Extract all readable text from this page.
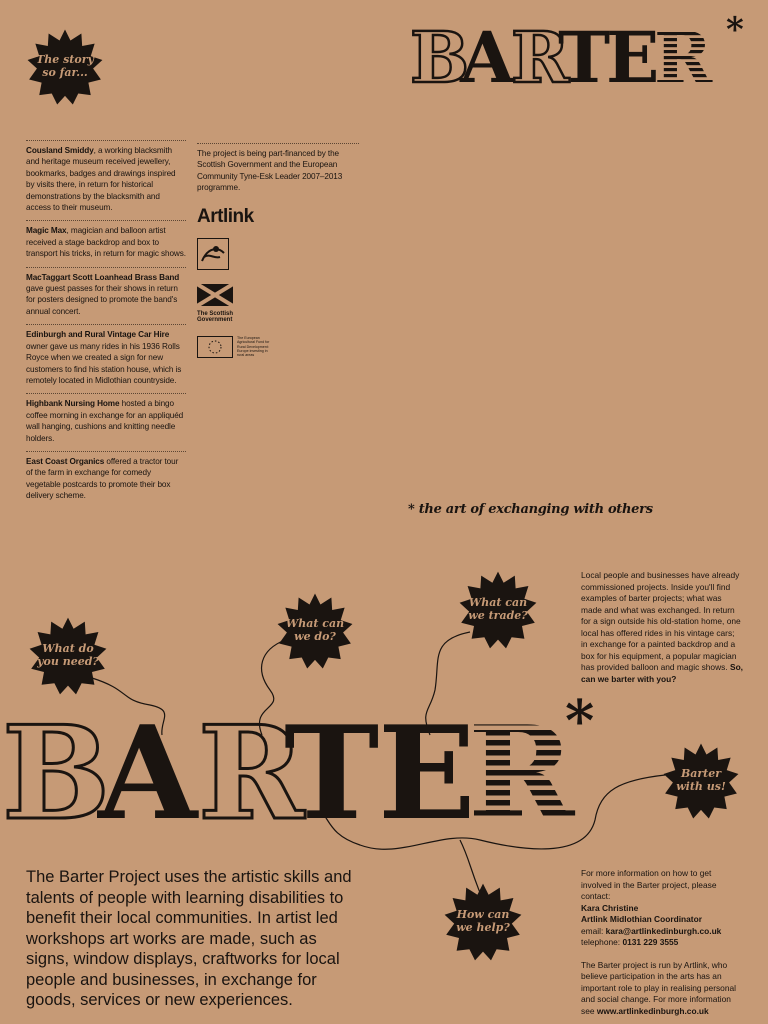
The story
so far...	B
A
R
T
E
R *
Cousland Smiddy, a working blacksmith and heritage museum received jewellery, bookmarks, badges and drawings inspired by visits there, in return for historical demonstrations by the blacksmith and access to their museum.
Magic Max, magician and balloon artist received a stage backdrop and box to transport his tricks, in return for magic shows.
MacTaggart Scott Loanhead Brass Band gave guest passes for their shows in return for posters designed to promote the band's annual concert.
Edinburgh and Rural Vintage Car Hire owner gave us many rides in his 1936 Rolls Royce when we created a sign for new customers to find his station house, which is remotely located in Midlothian countryside.
Highbank Nursing Home hosted a bingo coffee morning in exchange for an appliquéd wall hanging, cushions and knitting needle holders.
East Coast Organics offered a tractor tour of the farm in exchange for comedy vegetable postcards to promote their box delivery scheme.
The project is being part-financed by the Scottish Government and the European Community Tyne-Esk Leader 2007–2013 programme.
Artlink
The Scottish
Government
The European Agricultural Fund for Rural Development: Europe investing in rural areas
* the art of exchanging with others
What do
you need?
What can
we do?
What can
we trade?
Barter
with us!
How can
we help?
B
A R
T
E
R
*
Local people and businesses have already commissioned projects. Inside you'll find examples of barter projects; what was made and what was exchanged. In return for a sign outside his old-station home, one local has offered rides in his vintage cars; in exchange for a painted backdrop and a box for his equipment, a popular magician has provided balloon and magic shows. So, can we barter with you?
The Barter Project uses the artistic skills and talents of people with learning disabilities to benefit their local communities. In artist led workshops art works are made, such as signs, window displays, craftworks for local people and businesses, in exchange for goods, services or new experiences.
For more information on how to get involved in the Barter project, please contact:
Kara Christine
Artlink Midlothian Coordinator
email: kara@artlinkedinburgh.co.uk
telephone: 0131 229 3555
The Barter project is run by Artlink, who believe participation in the arts has an important role to play in realising personal and social change. For more information see www.artlinkedinburgh.co.uk
